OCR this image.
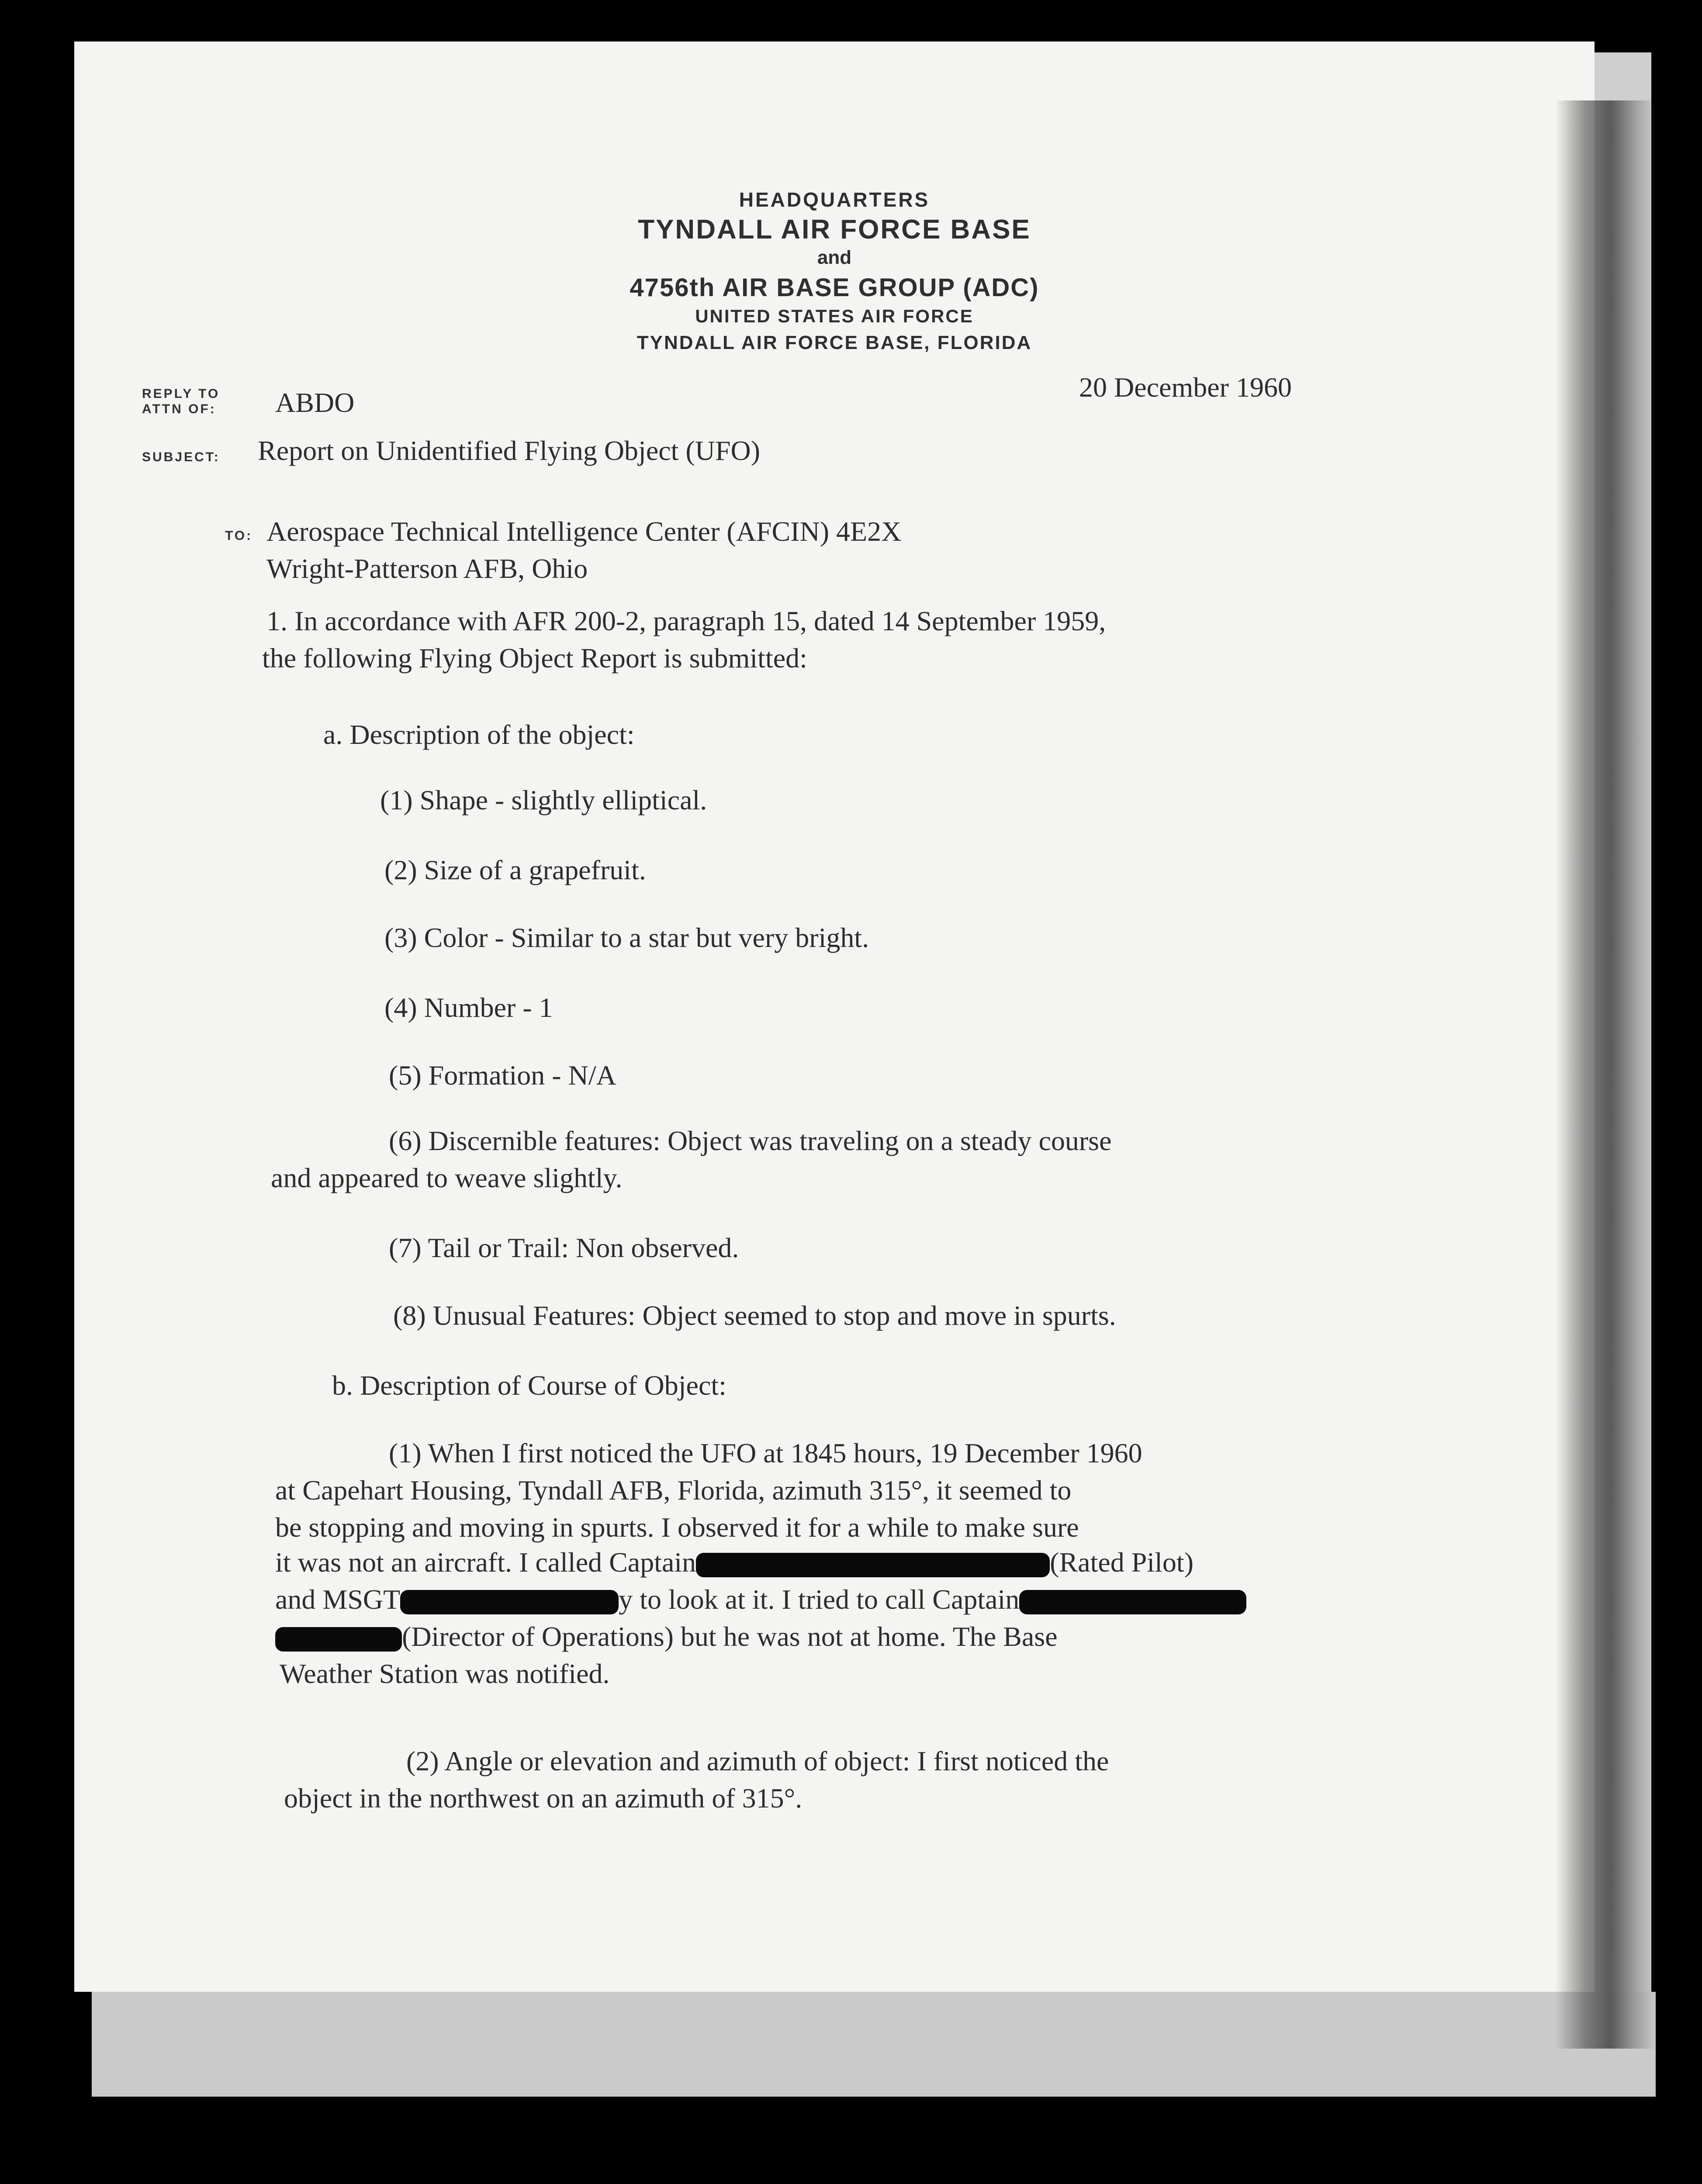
HEADQUARTERS
TYNDALL AIR FORCE BASE
and
4756th AIR BASE GROUP (ADC)
UNITED STATES AIR FORCE
TYNDALL AIR FORCE BASE, FLORIDA
REPLY TO
ATTN OF: ABDO	20 December 1960
SUBJECT: Report on Unidentified Flying Object (UFO)
TO: Aerospace Technical Intelligence Center (AFCIN) 4E2X
Wright-Patterson AFB, Ohio
1. In accordance with AFR 200-2, paragraph 15, dated 14 September 1959,
the following Flying Object Report is submitted:
a. Description of the object:
(1) Shape - slightly elliptical.
(2) Size of a grapefruit.
(3) Color - Similar to a star but very bright.
(4) Number - 1
(5) Formation - N/A
(6) Discernible features: Object was traveling on a steady course
and appeared to weave slightly.
(7) Tail or Trail: Non observed.
(8) Unusual Features: Object seemed to stop and move in spurts.
b. Description of Course of Object:
(1) When I first noticed the UFO at 1845 hours, 19 December 1960
at Capehart Housing, Tyndall AFB, Florida, azimuth 315°, it seemed to
be stopping and moving in spurts. I observed it for a while to make sure
it was not an aircraft. I called Captain	(Rated Pilot)
and MSGT	y to look at it. I tried to call Captain
(Director of Operations) but he was not at home. The Base
Weather Station was notified.
(2) Angle or elevation and azimuth of object: I first noticed the
object in the northwest on an azimuth of 315°.
